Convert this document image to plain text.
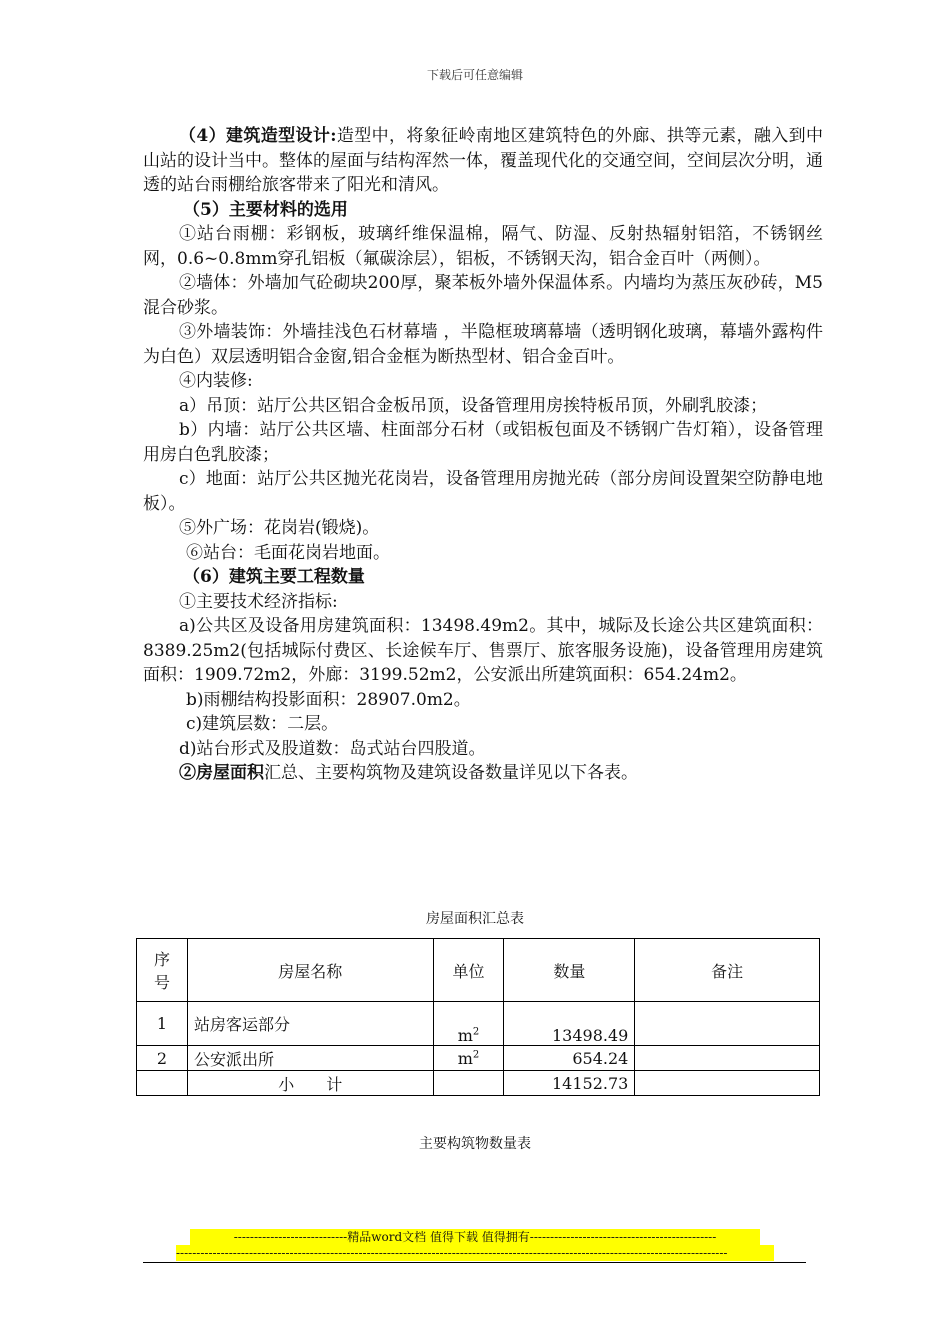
下载后可任意编辑

（4）建筑造型设计:造型中，将象征岭南地区建筑特色的外廊、拱等元素，融入到中山站的设计当中。整体的屋面与结构浑然一体，覆盖现代化的交通空间，空间层次分明，通透的站台雨棚给旅客带来了阳光和清风。

（5）主要材料的选用

①站台雨棚：彩钢板，玻璃纤维保温棉，隔气、防湿、反射热辐射铝箔，不锈钢丝网，0.6~0.8mm穿孔铝板（氟碳涂层），铝板，不锈钢天沟，铝合金百叶（两侧）。

②墙体：外墙加气砼砌块200厚，聚苯板外墙外保温体系。内墙均为蒸压灰砂砖，M5混合砂浆。

③外墙装饰：外墙挂浅色石材幕墙 ，半隐框玻璃幕墙（透明钢化玻璃，幕墙外露构件为白色）双层透明铝合金窗,铝合金框为断热型材、铝合金百叶。

④内装修:

a）吊顶：站厅公共区铝合金板吊顶，设备管理用房挨特板吊顶，外刷乳胶漆；

b）内墙：站厅公共区墙、柱面部分石材（或铝板包面及不锈钢广告灯箱），设备管理用房白色乳胶漆；

c）地面：站厅公共区抛光花岗岩，设备管理用房抛光砖（部分房间设置架空防静电地板）。

⑤外广场：花岗岩(锻烧)。

⑥站台：毛面花岗岩地面。

（6）建筑主要工程数量

①主要技术经济指标:

a)公共区及设备用房建筑面积：13498.49m2。其中，城际及长途公共区建筑面积：8389.25m2(包括城际付费区、长途候车厅、售票厅、旅客服务设施)，设备管理用房建筑面积：1909.72m2，外廊：3199.52m2，公安派出所建筑面积：654.24m2。

b)雨棚结构投影面积：28907.0m2。

c)建筑层数：二层。

d)站台形式及股道数：岛式站台四股道。

②房屋面积汇总、主要构筑物及建筑设备数量详见以下各表。

房屋面积汇总表
序号	房屋名称	单位	数量	备注
1	站房客运部分	$m^2$	13498.49	
2	公安派出所	$m^2$	654.24	
	小　　计		14152.73	
主要构筑物数量表
----------------------------精品word文档 值得下载 值得拥有----------------------------------------------
----------------------------------------------------------------------------------------------------------------------------------------
